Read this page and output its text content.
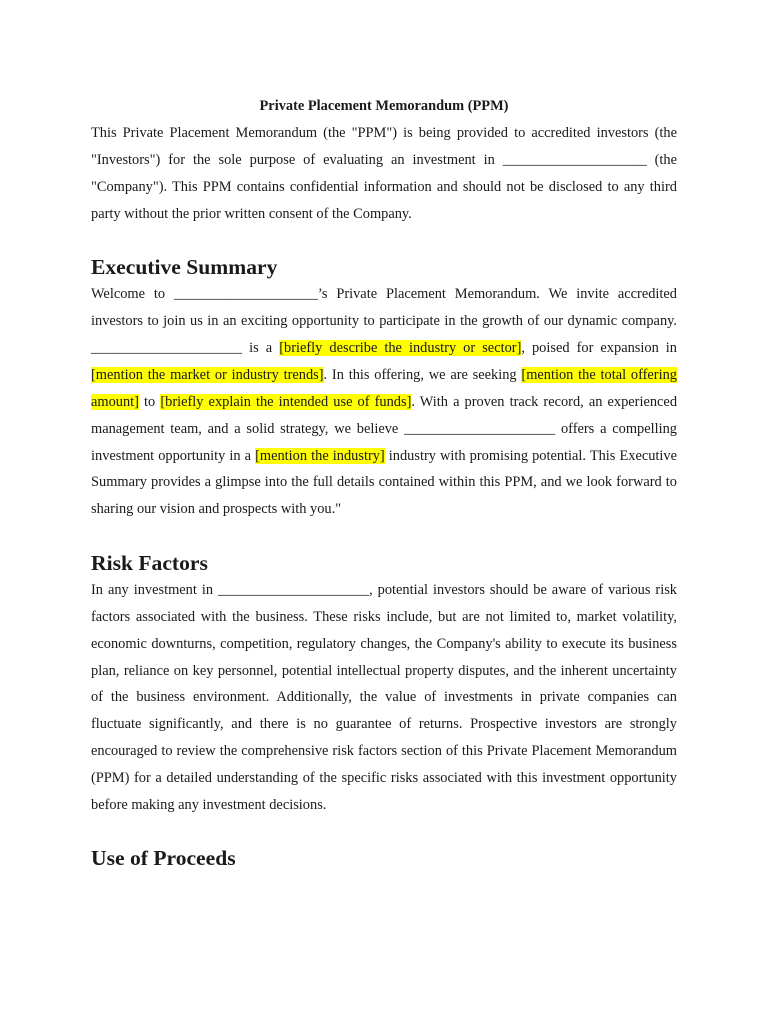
Private Placement Memorandum (PPM)

This Private Placement Memorandum (the "PPM") is being provided to accredited investors (the "Investors") for the sole purpose of evaluating an investment in ____________________ (the "Company"). This PPM contains confidential information and should not be disclosed to any third party without the prior written consent of the Company.

Executive Summary

Welcome to ____________________’s Private Placement Memorandum. We invite accredited investors to join us in an exciting opportunity to participate in the growth of our dynamic company. _____________________ is a [briefly describe the industry or sector], poised for expansion in [mention the market or industry trends]. In this offering, we are seeking [mention the total offering amount] to [briefly explain the intended use of funds]. With a proven track record, an experienced management team, and a solid strategy, we believe _____________________ offers a compelling investment opportunity in a [mention the industry] industry with promising potential. This Executive Summary provides a glimpse into the full details contained within this PPM, and we look forward to sharing our vision and prospects with you."

Risk Factors

In any investment in _____________________, potential investors should be aware of various risk factors associated with the business. These risks include, but are not limited to, market volatility, economic downturns, competition, regulatory changes, the Company's ability to execute its business plan, reliance on key personnel, potential intellectual property disputes, and the inherent uncertainty of the business environment. Additionally, the value of investments in private companies can fluctuate significantly, and there is no guarantee of returns. Prospective investors are strongly encouraged to review the comprehensive risk factors section of this Private Placement Memorandum (PPM) for a detailed understanding of the specific risks associated with this investment opportunity before making any investment decisions.

Use of Proceeds
